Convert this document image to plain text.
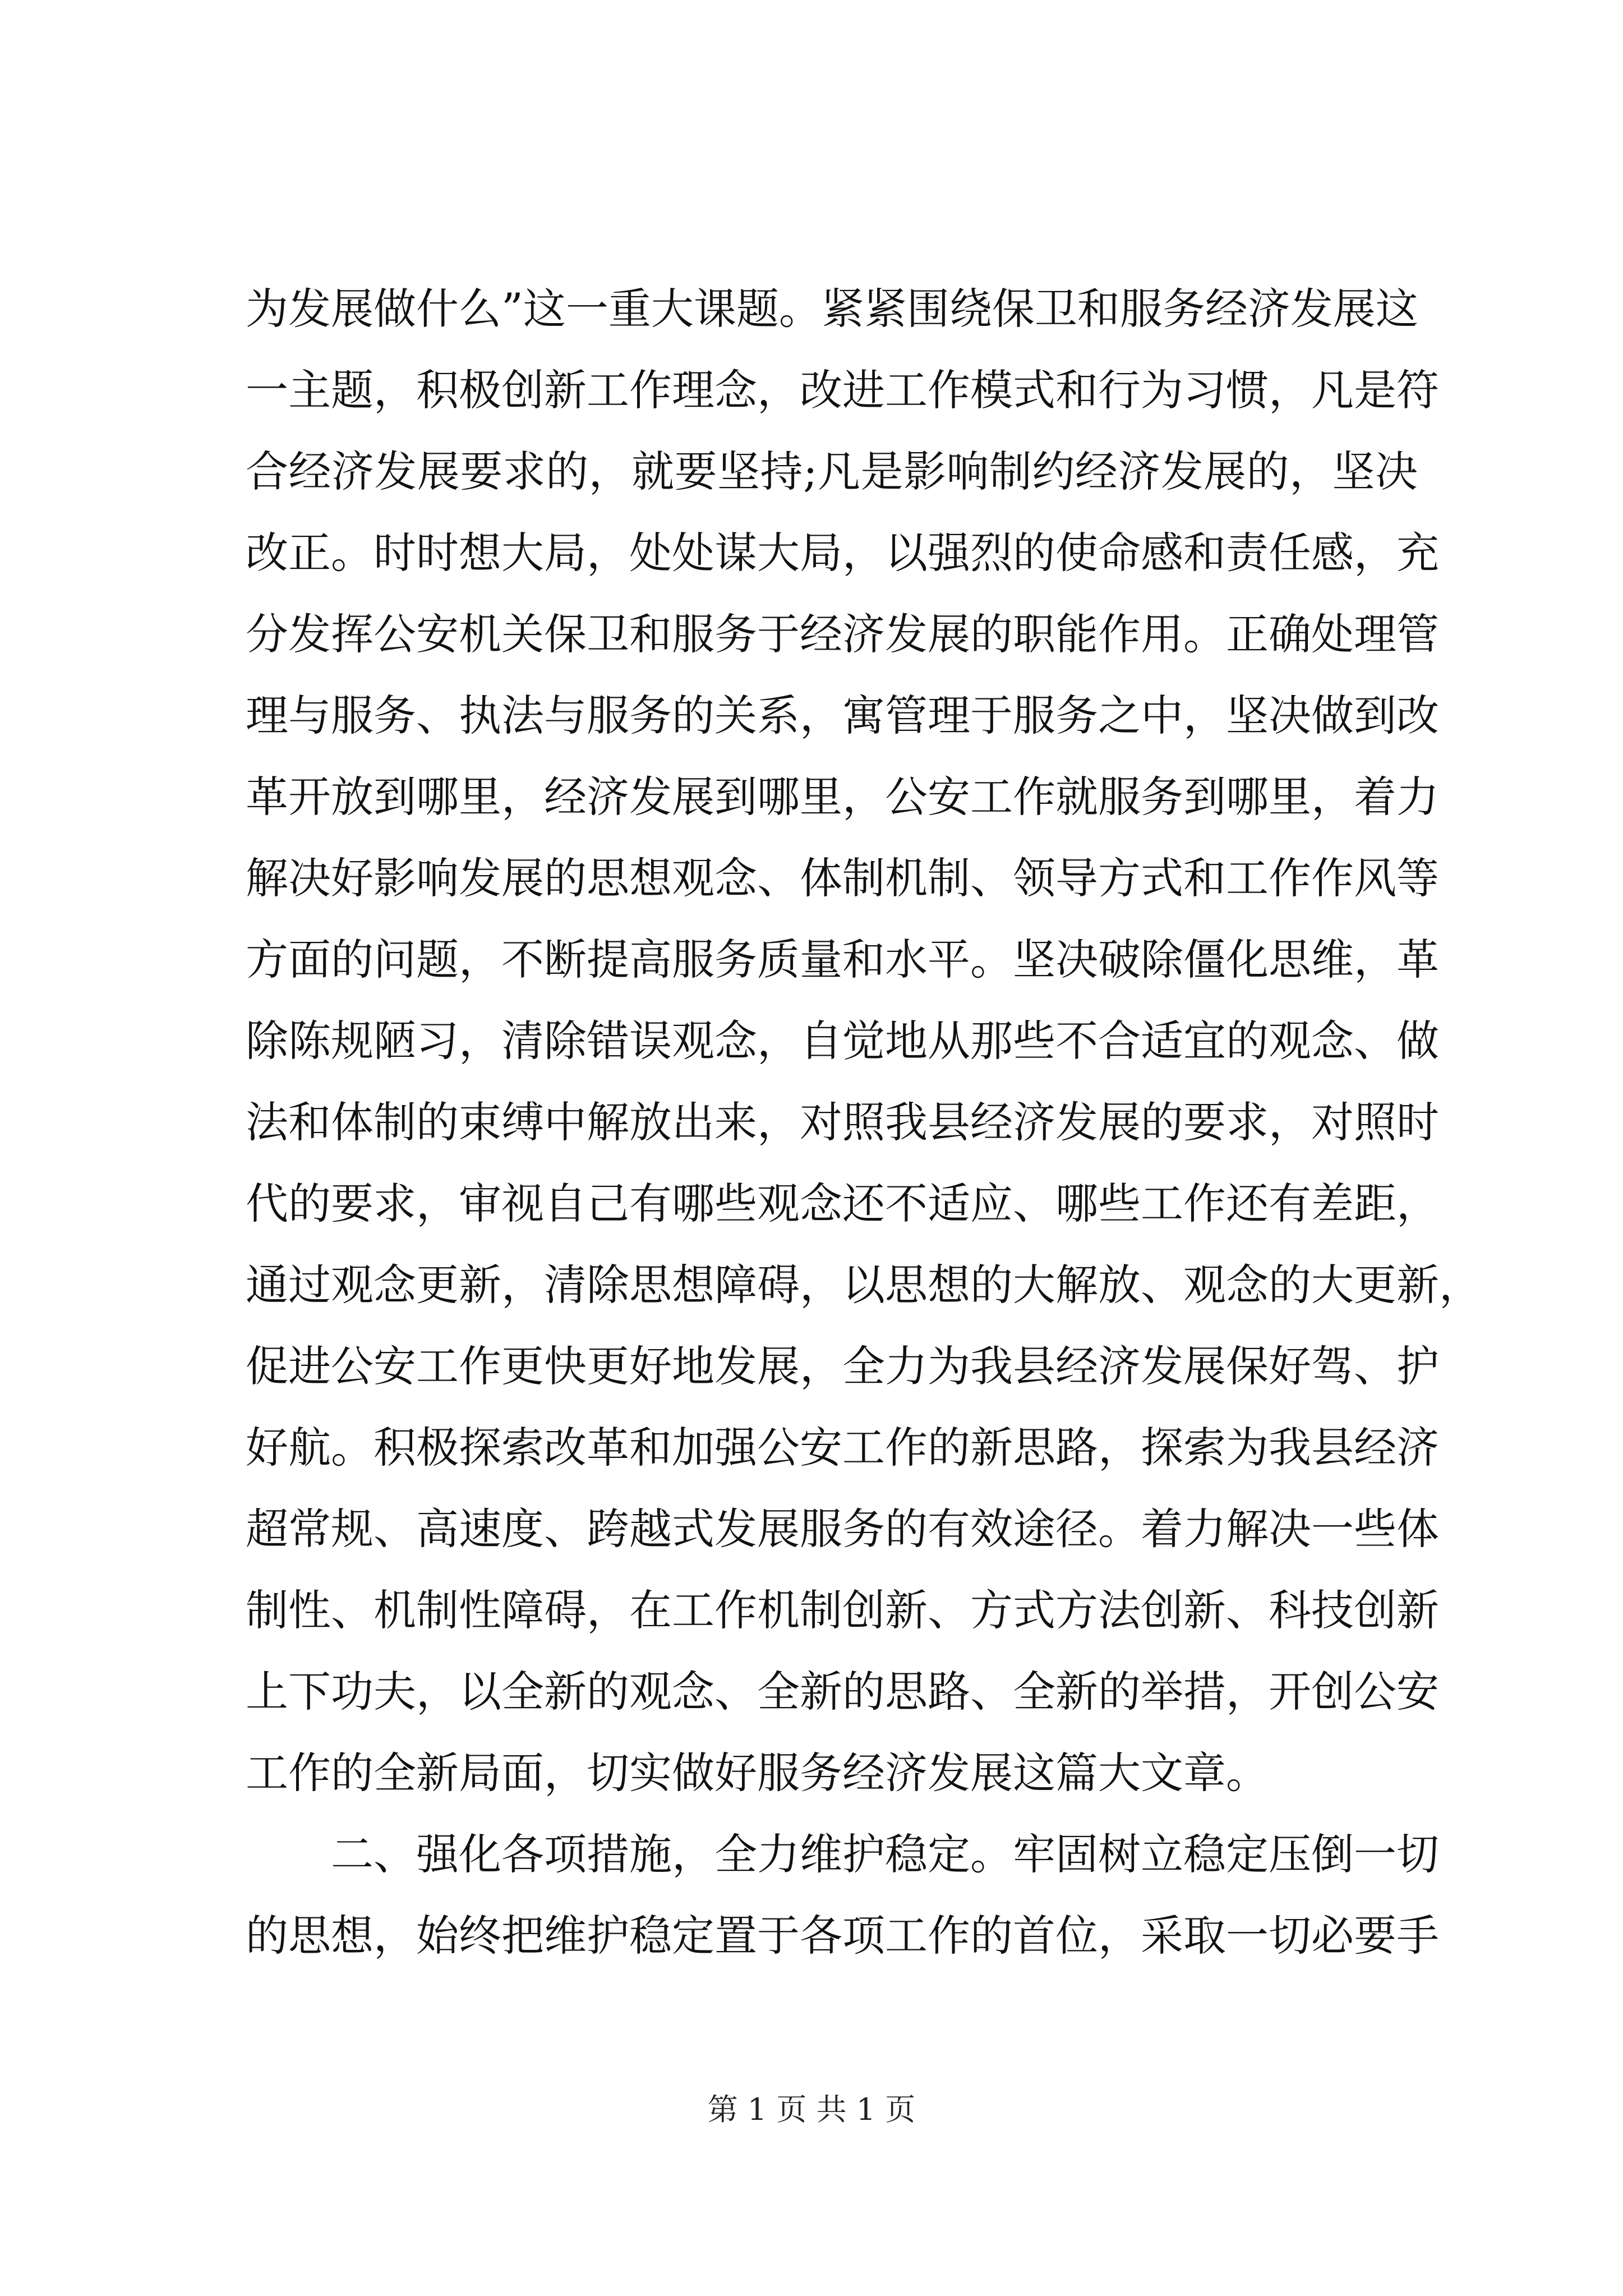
为发展做什么”这一重大课题。紧紧围绕保卫和服务经济发展这
一主题，积极创新工作理念，改进工作模式和行为习惯，凡是符
合经济发展要求的，就要坚持;凡是影响制约经济发展的，坚决
改正。时时想大局，处处谋大局，以强烈的使命感和责任感，充
分发挥公安机关保卫和服务于经济发展的职能作用。正确处理管
理与服务、执法与服务的关系，寓管理于服务之中，坚决做到改
革开放到哪里，经济发展到哪里，公安工作就服务到哪里，着力
解决好影响发展的思想观念、体制机制、领导方式和工作作风等
方面的问题，不断提高服务质量和水平。坚决破除僵化思维，革
除陈规陋习，清除错误观念，自觉地从那些不合适宜的观念、做
法和体制的束缚中解放出来，对照我县经济发展的要求，对照时
代的要求，审视自己有哪些观念还不适应、哪些工作还有差距，
通过观念更新，清除思想障碍，以思想的大解放、观念的大更新，
促进公安工作更快更好地发展，全力为我县经济发展保好驾、护
好航。积极探索改革和加强公安工作的新思路，探索为我县经济
超常规、高速度、跨越式发展服务的有效途径。着力解决一些体
制性、机制性障碍，在工作机制创新、方式方法创新、科技创新
上下功夫，以全新的观念、全新的思路、全新的举措，开创公安
工作的全新局面，切实做好服务经济发展这篇大文章。
二、强化各项措施，全力维护稳定。牢固树立稳定压倒一切
的思想，始终把维护稳定置于各项工作的首位，采取一切必要手
第 1 页 共 1 页
